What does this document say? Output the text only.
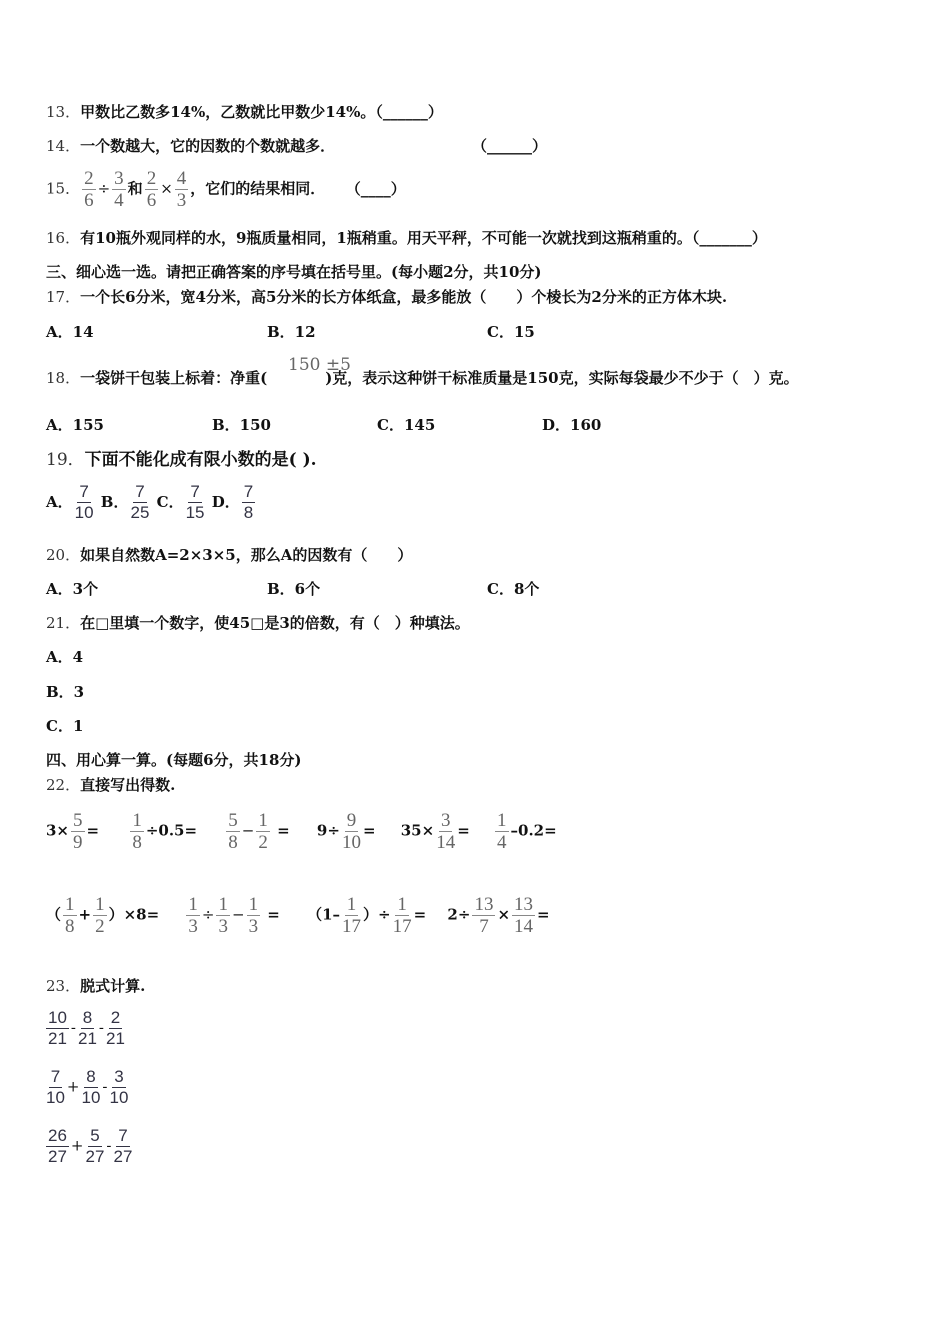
13．甲数比乙数多14%，乙数就比甲数少14%。（______）
14．一个数越大，它的因数的个数就越多．	（______）
15． $\frac{2}{6} \div \frac{3}{4}$ 和 $\frac{2}{6} \times \frac{4}{3}$ ，它们的结果相同． （____）
16．有10瓶外观同样的水，9瓶质量相同，1瓶稍重。用天平秤，不可能一次就找到这瓶稍重的。（_______）
三、细心选一选。请把正确答案的序号填在括号里。(每小题2分，共10分)
17．一个长6分米，宽4分米，高5分米的长方体纸盒，最多能放（　　）个棱长为2分米的正方体木块.
A．14	B．12	C．15
150 ±5
18．一袋饼干包装上标着：净重(	)克，表示这种饼干标准质量是150克，实际每袋最少不少于（　）克。
A．155	B．150	C．145	D．160
19．下面不能化成有限小数的是( ).
A． $\frac{7}{10}$ B． $\frac{7}{25}$ C． $\frac{7}{15}$ D． $\frac{7}{8}$
20．如果自然数A=2×3×5，那么A的因数有（　　）
A．3个	B．6个	C．8个
21．在□里填一个数字，使45□是3的倍数，有（　）种填法。
A．4
B．3
C．1
四、用心算一算。(每题6分，共18分)
22．直接写出得数.
$3\times \frac{5}{9} = \frac{1}{8} \div 0.5= \frac{5}{8} - \frac{1}{2} = 9\div \frac{9}{10} = 35\times \frac{3}{14} = \frac{1}{4} -0.2=$
（ $\frac{1}{8} + \frac{1}{2} )\times 8= \frac{1}{3} \div \frac{1}{3} - \frac{1}{3} = (1- \frac{1}{17}$ ）÷ $\frac{1}{17} = 2\div \frac{13}{7} \times \frac{13}{14}$ =
23．脱式计算.
$\frac{10}{21} - \frac{8}{21} - \frac{2}{21}$
$\frac{7}{10} + \frac{8}{10} - \frac{3}{10}$
$\frac{26}{27} + \frac{5}{27} - \frac{7}{27}$
